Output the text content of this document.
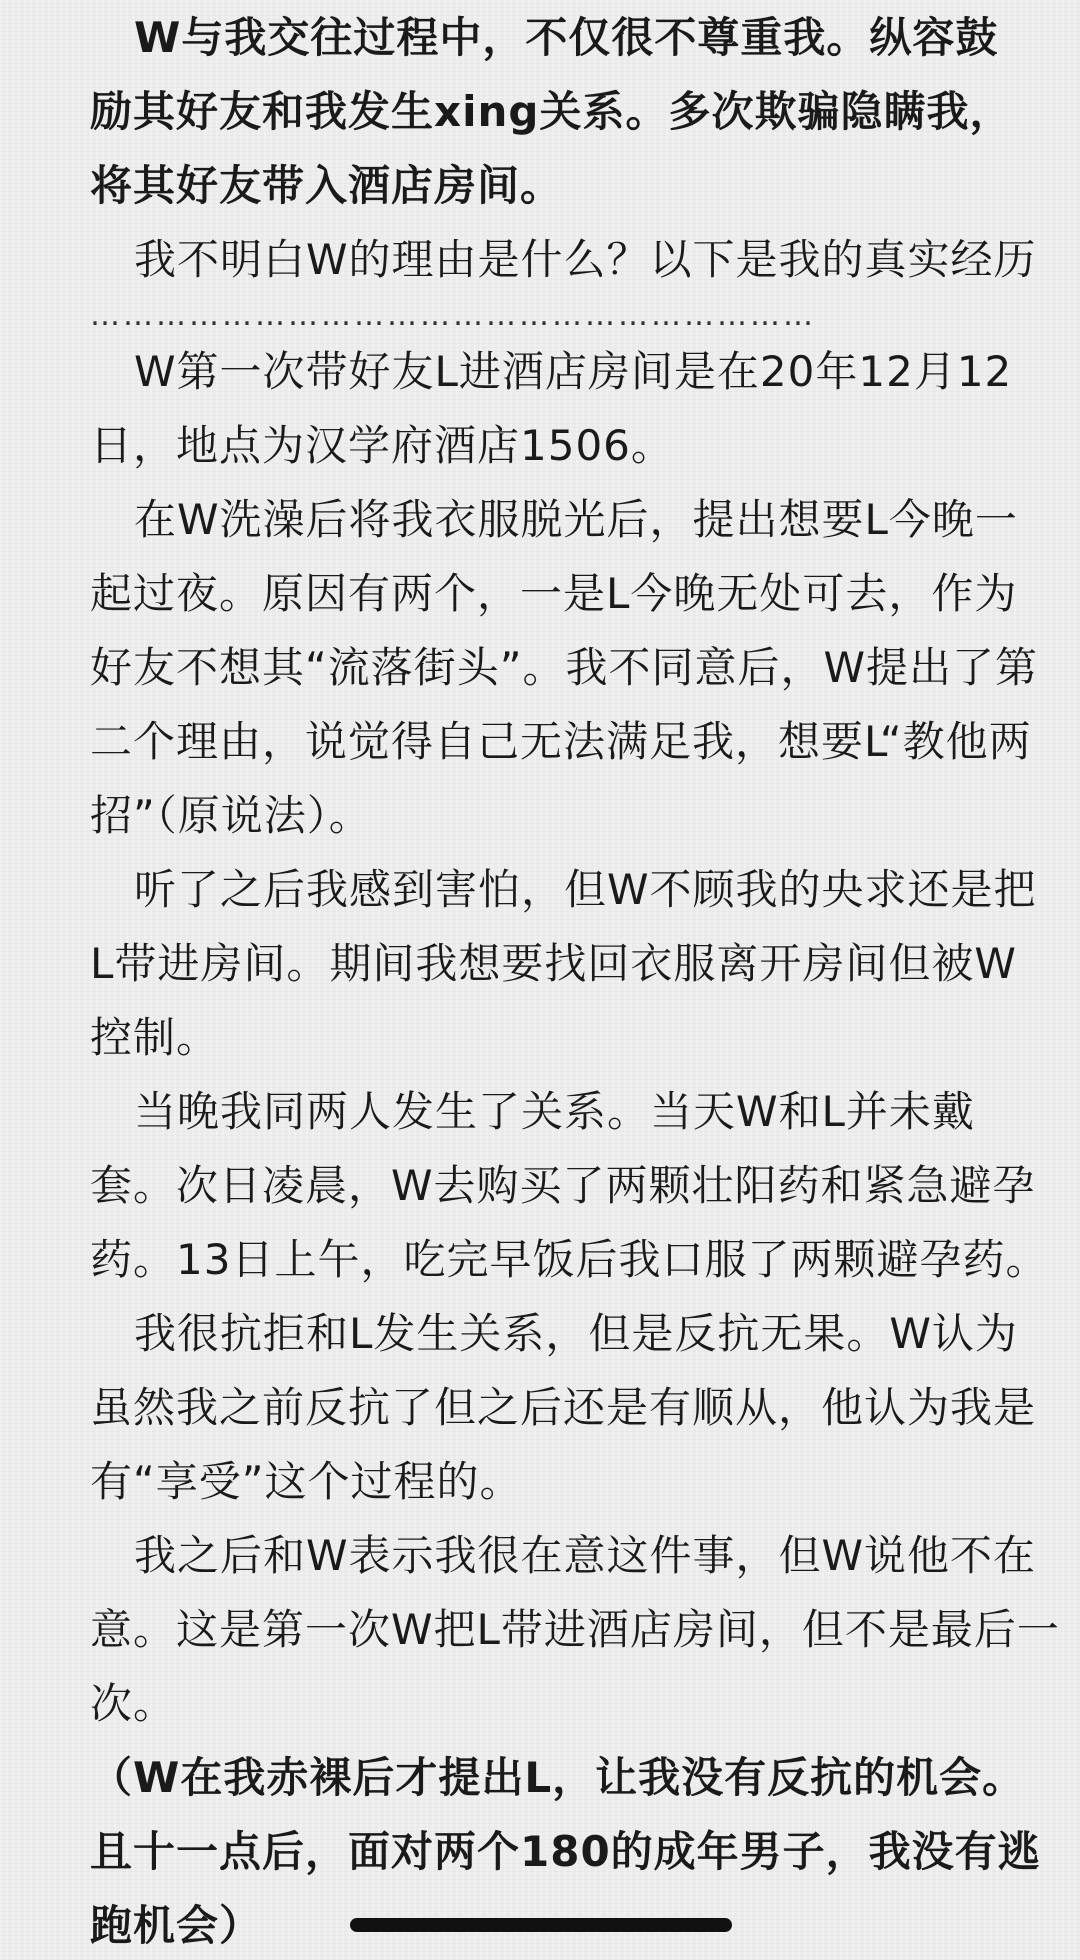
W与我交往过程中，不仅很不尊重我。纵容鼓
励其好友和我发生xing关系。多次欺骗隐瞒我，
将其好友带入酒店房间。
我不明白W的理由是什么？以下是我的真实经历
…………………………………………………………
W第一次带好友L进酒店房间是在20年12月12
日，地点为汉学府酒店1506。
在W洗澡后将我衣服脱光后，提出想要L今晚一
起过夜。原因有两个，一是L今晚无处可去，作为
好友不想其“流落街头”。我不同意后，W提出了第
二个理由，说觉得自己无法满足我，想要L“教他两
招”（原说法）。
听了之后我感到害怕，但W不顾我的央求还是把
L带进房间。期间我想要找回衣服离开房间但被W
控制。
当晚我同两人发生了关系。当天W和L并未戴
套。次日凌晨，W去购买了两颗壮阳药和紧急避孕
药。13日上午，吃完早饭后我口服了两颗避孕药。
我很抗拒和L发生关系，但是反抗无果。W认为
虽然我之前反抗了但之后还是有顺从，他认为我是
有“享受”这个过程的。
我之后和W表示我很在意这件事，但W说他不在
意。这是第一次W把L带进酒店房间，但不是最后一
次。
（W在我赤裸后才提出L，让我没有反抗的机会。
且十一点后，面对两个180的成年男子，我没有逃
跑机会）
